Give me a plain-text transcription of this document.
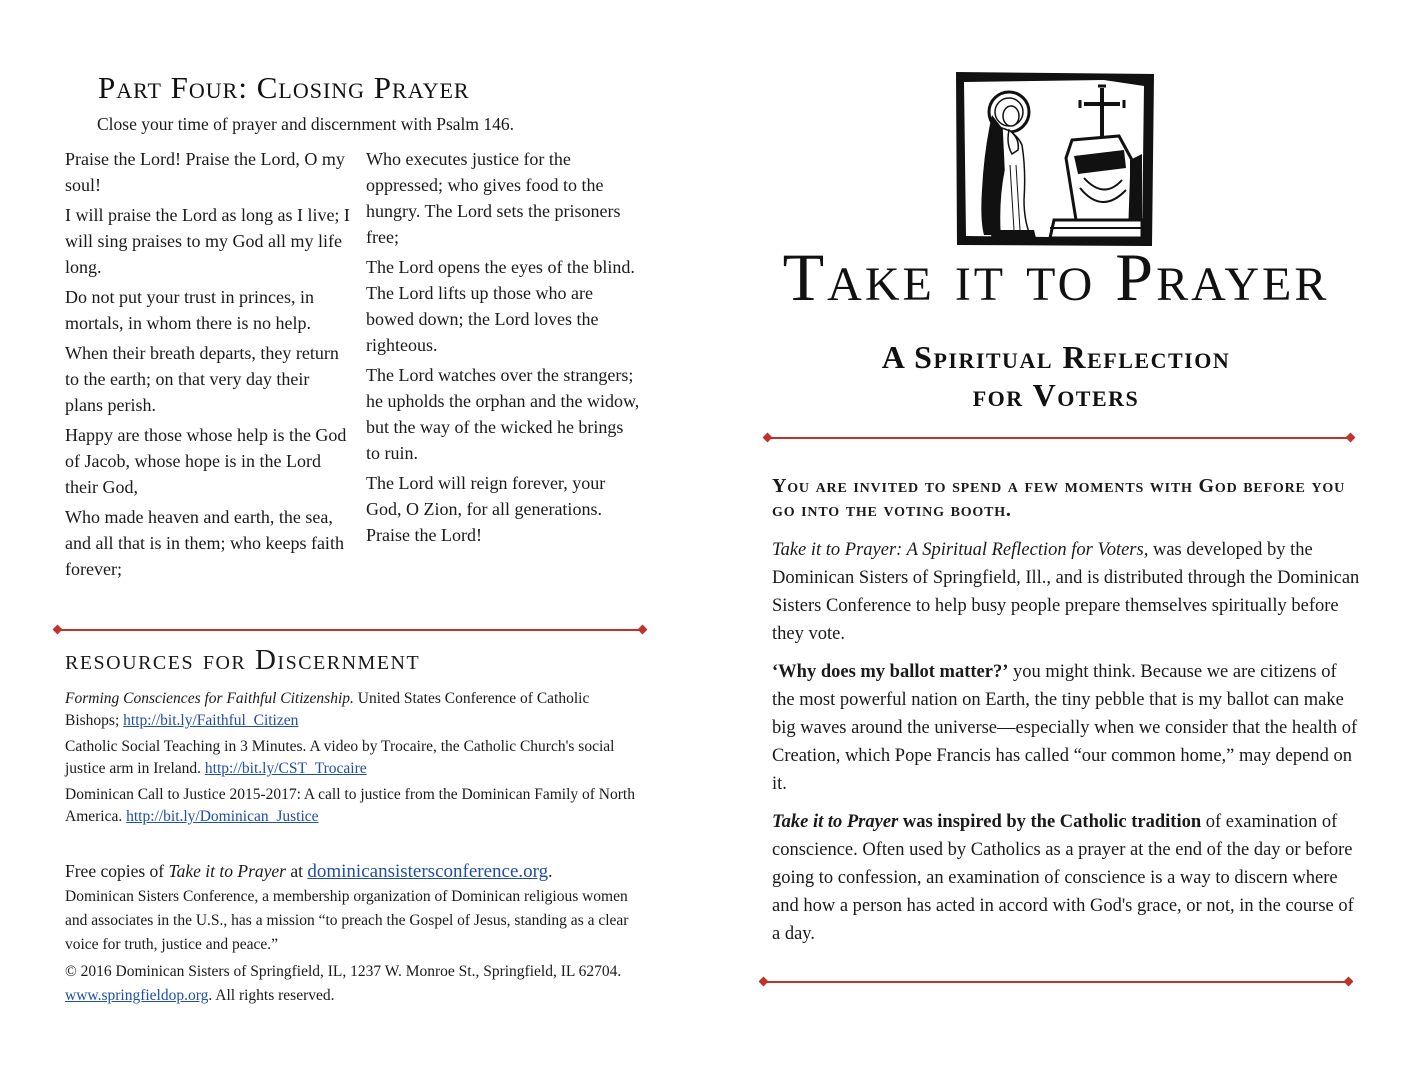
Part Four: Closing Prayer

Close your time of prayer and discernment with Psalm 146.

Praise the Lord! Praise the Lord, O my soul!

I will praise the Lord as long as I live; I will sing praises to my God all my life long.

Do not put your trust in princes, in mortals, in whom there is no help.

When their breath departs, they return to the earth; on that very day their plans perish.

Happy are those whose help is the God of Jacob, whose hope is in the Lord their God,

Who made heaven and earth, the sea, and all that is in them; who keeps faith forever;

Who executes justice for the oppressed; who gives food to the hungry. The Lord sets the prisoners free;

The Lord opens the eyes of the blind. The Lord lifts up those who are bowed down; the Lord loves the righteous.

The Lord watches over the strangers; he upholds the orphan and the widow, but the way of the wicked he brings to ruin.

The Lord will reign forever, your God, O Zion, for all generations. Praise the Lord!

resources for Discernment

Forming Consciences for Faithful Citizenship. United States Conference of Catholic Bishops; http://bit.ly/Faithful_Citizen

Catholic Social Teaching in 3 Minutes. A video by Trocaire, the Catholic Church's social justice arm in Ireland. http://bit.ly/CST_Trocaire

Dominican Call to Justice 2015-2017: A call to justice from the Dominican Family of North America. http://bit.ly/Dominican_Justice

Free copies of Take it to Prayer at dominicansistersconference.org.
Dominican Sisters Conference, a membership organization of Dominican religious women and associates in the U.S., has a mission “to preach the Gospel of Jesus, standing as a clear voice for truth, justice and peace.”
© 2016 Dominican Sisters of Springfield, IL, 1237 W. Monroe St., Springfield, IL 62704. www.springfieldop.org. All rights reserved.
Take it to Prayer
A Spiritual Reflection
for Voters

You are invited to spend a few moments with God before you go into the voting booth.

Take it to Prayer: A Spiritual Reflection for Voters, was developed by the Dominican Sisters of Springfield, Ill., and is distributed through the Dominican Sisters Conference to help busy people prepare themselves spiritually before they vote.

‘Why does my ballot matter?’ you might think. Because we are citizens of the most powerful nation on Earth, the tiny pebble that is my ballot can make big waves around the universe—especially when we consider that the health of Creation, which Pope Francis has called “our common home,” may depend on it.

Take it to Prayer was inspired by the Catholic tradition of examination of conscience. Often used by Catholics as a prayer at the end of the day or before going to confession, an examination of conscience is a way to discern where and how a person has acted in accord with God's grace, or not, in the course of a day.
